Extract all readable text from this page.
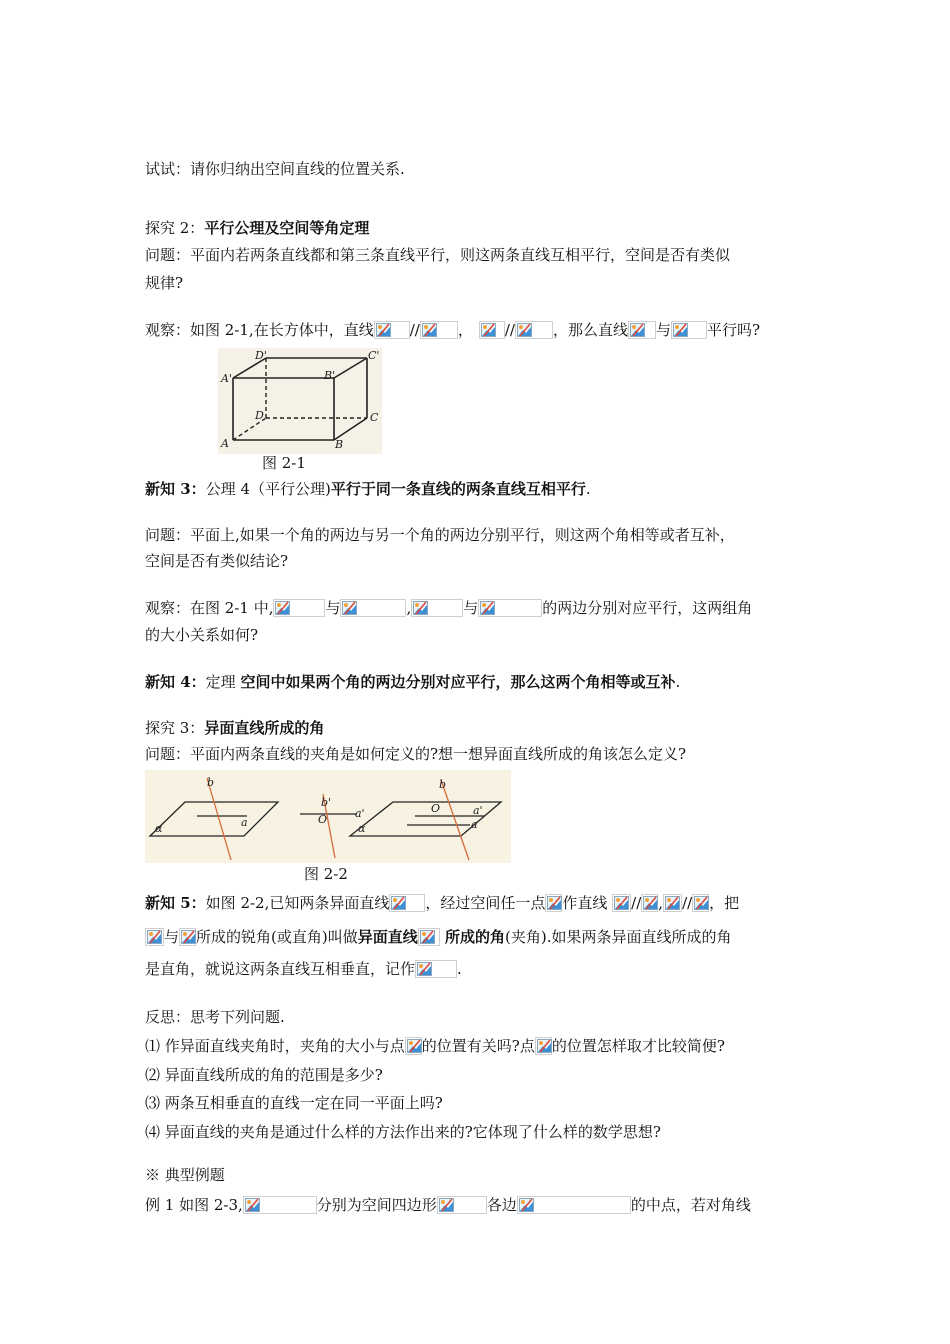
试试：请你归纳出空间直线的位置关系.
探究 2：平行公理及空间等角定理
问题：平面内若两条直线都和第三条直线平行，则这两条直线互相平行，空间是否有类似
规律?
观察：如图 2-1,在长方体中，直线 //	， //	，那么直线 与 平行吗?
D'	C'
A'	B'
D	C
A	B
图 2-1
新知 3：公理 4（平行公理)平行于同一条直线的两条直线互相平行.
问题：平面上,如果一个角的两边与另一个角的两边分别平行，则这两个角相等或者互补，
空间是否有类似结论?
观察：在图 2-1 中,	与	,	与	的两边分别对应平行，这两组角
的大小关系如何?
新知 4：定理 空间中如果两个角的两边分别对应平行，那么这两个角相等或互补.
探究 3：异面直线所成的角
问题：平面内两条直线的夹角是如何定义的?想一想异面直线所成的角该怎么定义?
b
a
α
b'
O	a'
b
O	a'
a
α
图 2-2
新知 5：如图 2-2,已知两条异面直线 ，经过空间任一点 作直线
// , // ，把
与 所成的锐角(或直角)叫做异面直线
所成的角(夹角).如果两条异面直线所成的角
是直角，就说这两条直线互相垂直，记作	.
反思：思考下列问题.
⑴ 作异面直线夹角时，夹角的大小与点 的位置有关吗?点 的位置怎样取才比较简便?
⑵ 异面直线所成的角的范围是多少?
⑶ 两条互相垂直的直线一定在同一平面上吗?
⑷ 异面直线的夹角是通过什么样的方法作出来的?它体现了什么样的数学思想?
※ 典型例题
例 1 如图 2-3,	分别为空间四边形	各边	的中点，若对角线
